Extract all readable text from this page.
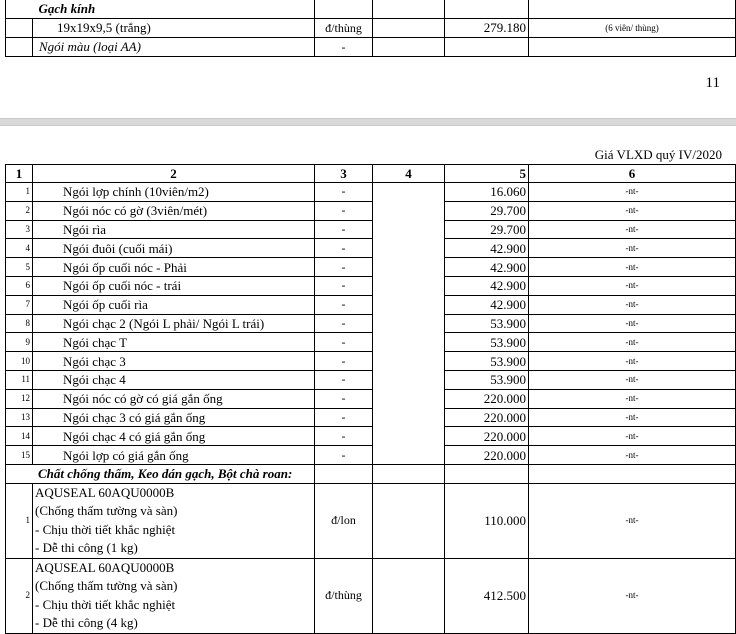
	Gạch kính				
	19x19x9,5 (trắng)	đ/thùng		279.180	(6 viên/ thùng)
	Ngói màu (loại AA)	-			
11
Giá VLXD quý IV/2020
1	2	3	4	5	6
1	Ngói lợp chính (10viên/m2)	-		16.060	-nt-
2	Ngói nóc có gờ (3viên/mét)	-		29.700	-nt-
3	Ngói rìa	-		29.700	-nt-
4	Ngói đuôi (cuối mái)	-		42.900	-nt-
5	Ngói ốp cuối nóc - Phải	-		42.900	-nt-
6	Ngói ốp cuối nóc - trái	-		42.900	-nt-
7	Ngói ốp cuối rìa	-		42.900	-nt-
8	Ngói chạc 2 (Ngói L phải/ Ngói L trái)	-		53.900	-nt-
9	Ngói chạc T	-		53.900	-nt-
10	Ngói chạc 3	-		53.900	-nt-
11	Ngói chạc 4	-		53.900	-nt-
12	Ngói nóc có gờ có giá gắn ống	-		220.000	-nt-
13	Ngói chạc 3 có giá gắn ống	-		220.000	-nt-
14	Ngói chạc 4 có giá gắn ống	-		220.000	-nt-
15	Ngói lợp có giá gắn ống	-		220.000	-nt-
Chất chống thấm, Keo dán gạch, Bột chà roan:					
1	AQUSEAL 60AQU0000B
(Chống thấm tường và sàn)
- Chịu thời tiết khắc nghiệt
- Dễ thi công (1 kg)	đ/lon		110.000	-nt-
2	AQUSEAL 60AQU0000B
(Chống thấm tường và sàn)
- Chịu thời tiết khắc nghiệt
- Dễ thi công (4 kg)	đ/thùng		412.500	-nt-
